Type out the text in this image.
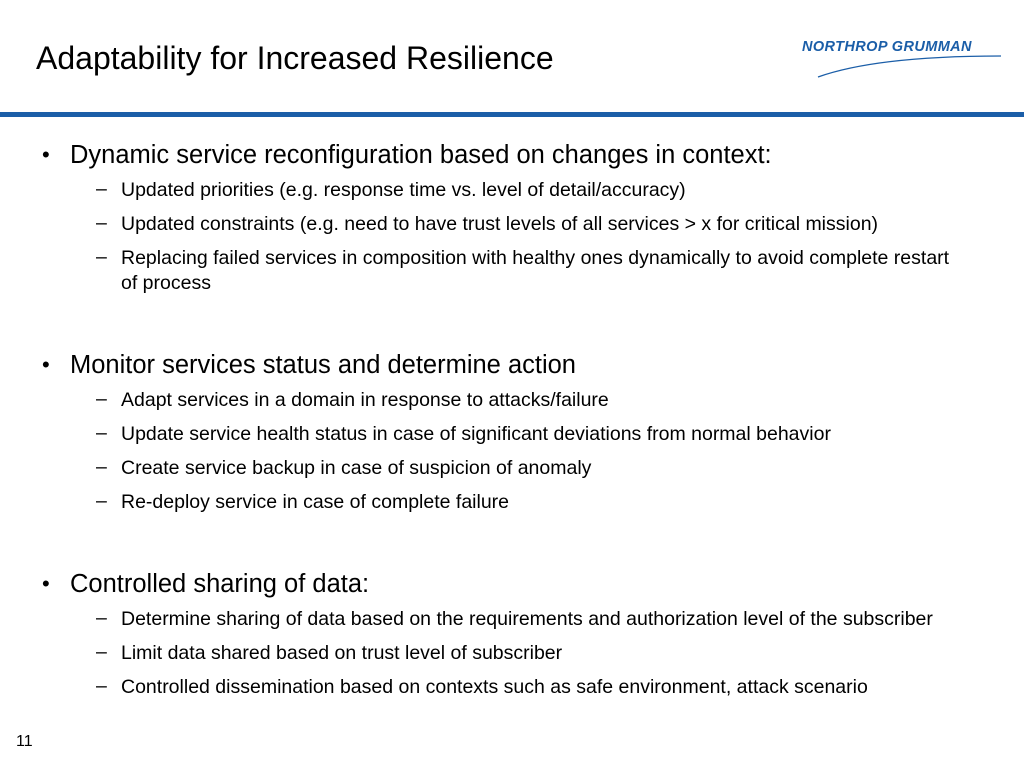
Adaptability for Increased Resilience	NORTHROP GRUMMAN
• Dynamic service reconfiguration based on changes in context:
– Updated priorities (e.g. response time vs. level of detail/accuracy)
– Updated constraints (e.g. need to have trust levels of all services > x for critical mission)
– Replacing failed services in composition with healthy ones dynamically to avoid complete restart of process
• Monitor services status and determine action
– Adapt services in a domain in response to attacks/failure
– Update service health status in case of significant deviations from normal behavior
– Create service backup in case of suspicion of anomaly
– Re-deploy service in case of complete failure
• Controlled sharing of data:
– Determine sharing of data based on the requirements and authorization level of the subscriber
– Limit data shared based on trust level of subscriber
– Controlled dissemination based on contexts such as safe environment, attack scenario
11
